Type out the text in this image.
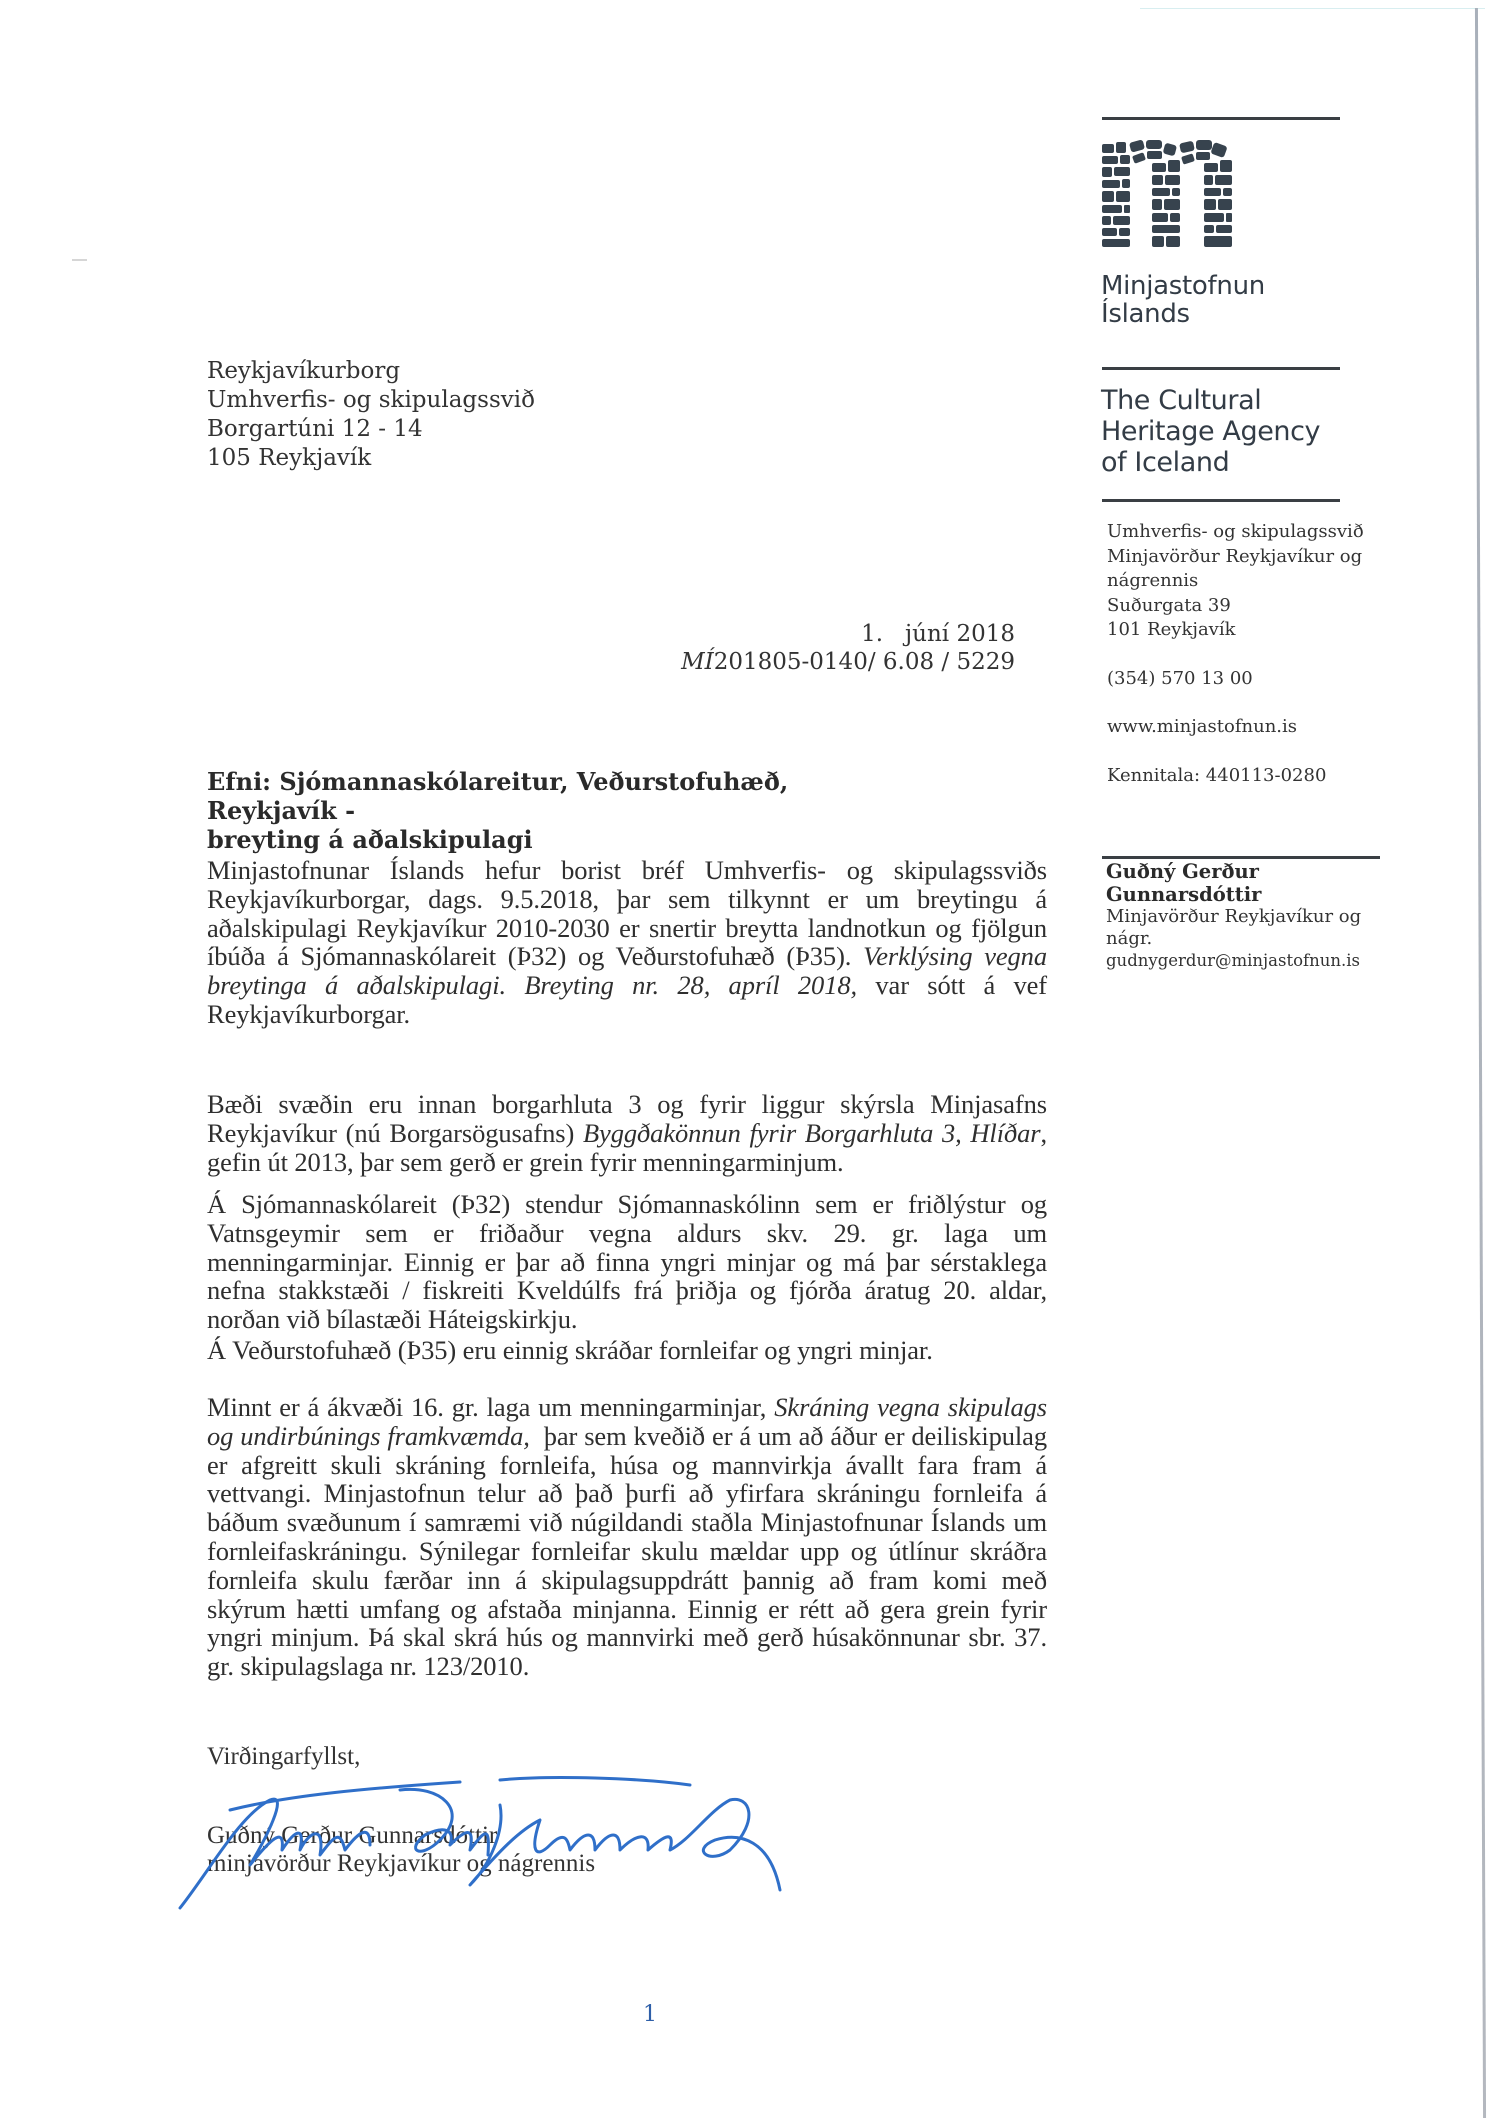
Minjastofnun
Íslands
The Cultural
Heritage Agency
of Iceland
Umhverfis- og skipulagssvið
Minjavörður Reykjavíkur og
nágrennis
Suðurgata 39
101 Reykjavík
(354) 570 13 00
www.minjastofnun.is
Kennitala: 440113-0280
Guðný Gerður
Gunnarsdóttir
Minjavörður Reykjavíkur og
nágr.
gudnygerdur@minjastofnun.is
Reykjavíkurborg
Umhverfis- og skipulagssvið
Borgartúni 12 - 14
105 Reykjavík
1.   júní 2018
MÍ201805-0140/ 6.08 / 5229
Efni: Sjómannaskólareitur, Veðurstofuhæð, Reykjavík -
breyting á aðalskipulagi
Minjastofnunar Íslands hefur borist bréf Umhverfis- og skipulagssviðs Reykjavíkurborgar, dags. 9.5.2018, þar sem tilkynnt er um breytingu á aðalskipulagi Reykjavíkur 2010-2030 er snertir breytta landnotkun og fjölgun íbúða á Sjómannaskólareit (Þ32) og Veðurstofuhæð (Þ35). Verklýsing vegna breytinga á aðalskipulagi. Breyting nr. 28, apríl 2018, var sótt á vef Reykjavíkurborgar.
Bæði svæðin eru innan borgarhluta 3 og fyrir liggur skýrsla Minjasafns Reykjavíkur (nú Borgarsögusafns) Byggðakönnun fyrir Borgarhluta 3, Hlíðar, gefin út 2013, þar sem gerð er grein fyrir menningarminjum.
Á Sjómannaskólareit (Þ32) stendur Sjómannaskólinn sem er friðlýstur og Vatnsgeymir sem er friðaður vegna aldurs skv. 29. gr. laga um menningarminjar. Einnig er þar að finna yngri minjar og má þar sérstaklega nefna stakkstæði / fiskreiti Kveldúlfs frá þriðja og fjórða áratug 20. aldar, norðan við bílastæði Háteigskirkju.
Á Veðurstofuhæð (Þ35) eru einnig skráðar fornleifar og yngri minjar.
Minnt er á ákvæði 16. gr. laga um menningarminjar, Skráning vegna skipulags og undirbúnings framkvæmda,  þar sem kveðið er á um að áður er deiliskipulag er afgreitt skuli skráning fornleifa, húsa og mannvirkja ávallt fara fram á vettvangi. Minjastofnun telur að það þurfi að yfirfara skráningu fornleifa á báðum svæðunum í samræmi við núgildandi staðla Minjastofnunar Íslands um fornleifaskráningu. Sýnilegar fornleifar skulu mældar upp og útlínur skráðra fornleifa skulu færðar inn á skipulagsuppdrátt þannig að fram komi með skýrum hætti umfang og afstaða minjanna. Einnig er rétt að gera grein fyrir yngri minjum. Þá skal skrá hús og mannvirki með gerð húsakönnunar sbr. 37. gr. skipulagslaga nr. 123/2010.
Virðingarfyllst,
Guðný Gerður Gunnarsdóttir
minjavörður Reykjavíkur og nágrennis
1
